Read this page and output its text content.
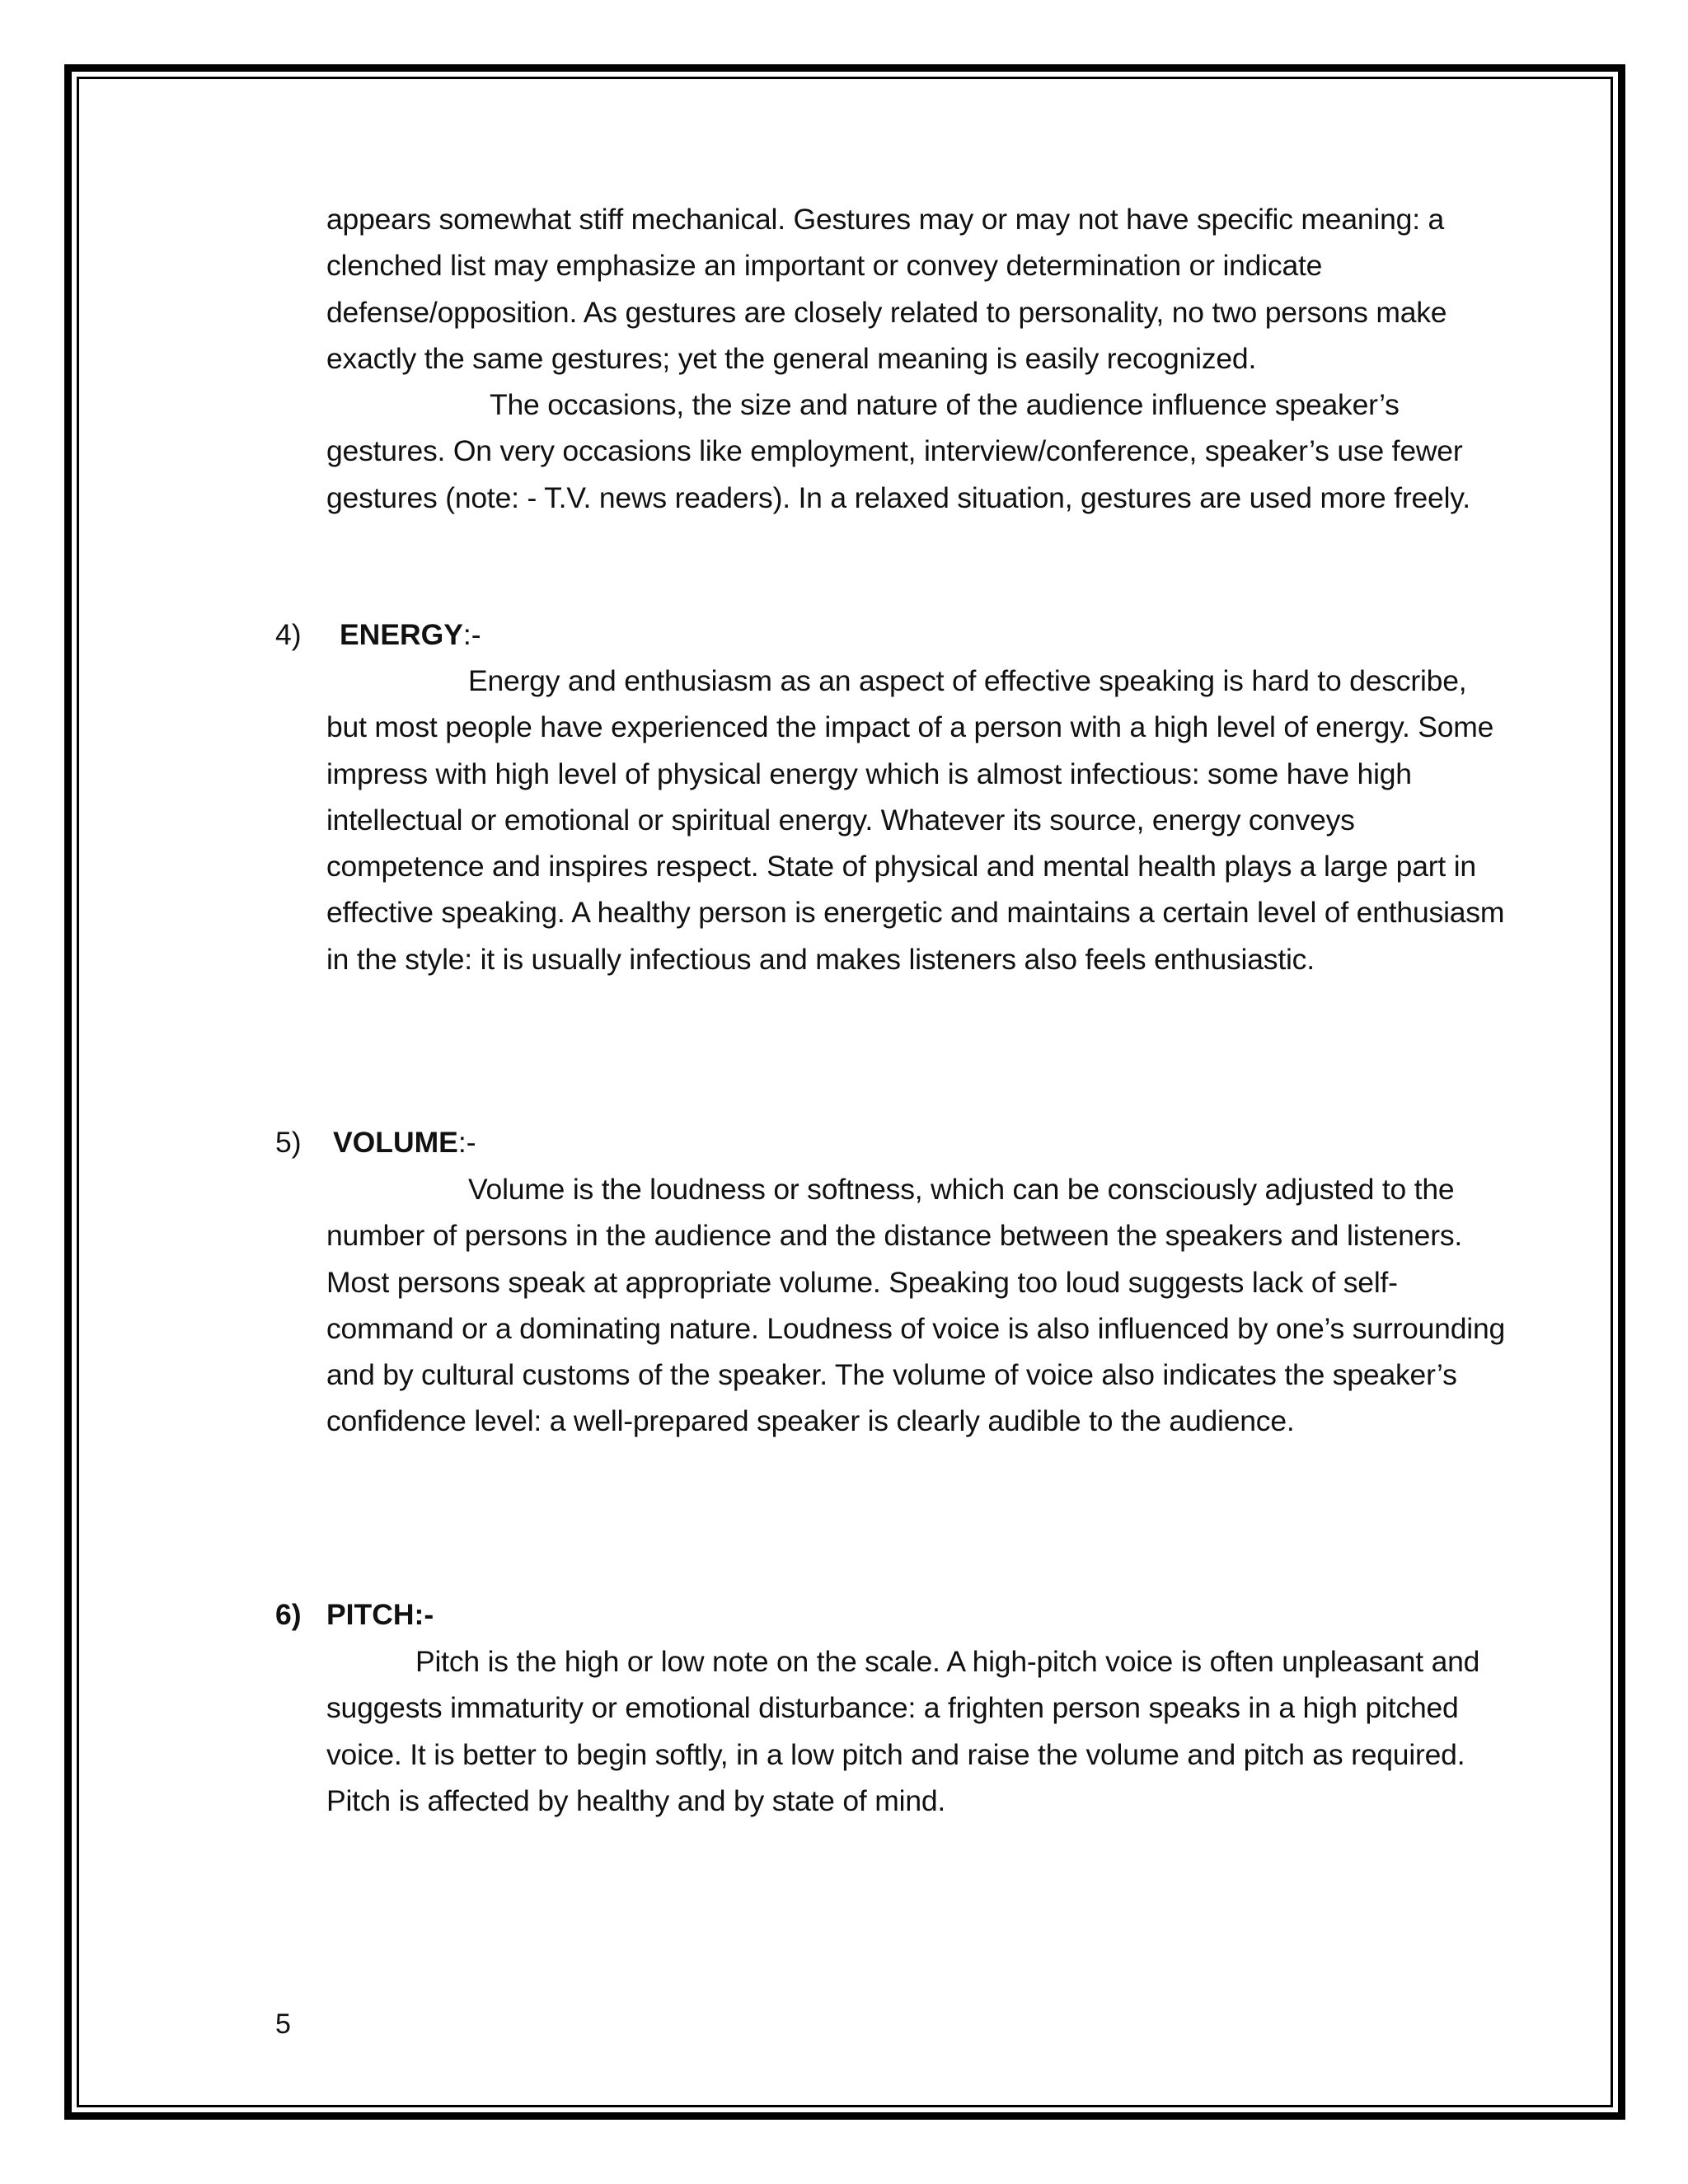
appears somewhat stiff mechanical. Gestures may or may not have specific meaning: a clenched list may emphasize an important or convey determination or indicate defense/opposition. As gestures are closely related to personality, no two persons make exactly the same gestures; yet the general meaning is easily recognized.

The occasions, the size and nature of the audience influence speaker’s gestures. On very occasions like employment, interview/conference, speaker’s use fewer gestures (note: - T.V. news readers). In a relaxed situation, gestures are used more freely.

4) ENERGY:-

Energy and enthusiasm as an aspect of effective speaking is hard to describe, but most people have experienced the impact of a person with a high level of energy. Some impress with high level of physical energy which is almost infectious: some have high intellectual or emotional or spiritual energy. Whatever its source, energy conveys competence and inspires respect. State of physical and mental health plays a large part in effective speaking. A healthy person is energetic and maintains a certain level of enthusiasm in the style: it is usually infectious and makes listeners also feels enthusiastic.

5) VOLUME:-

Volume is the loudness or softness, which can be consciously adjusted to the number of persons in the audience and the distance between the speakers and listeners. Most persons speak at appropriate volume. Speaking too loud suggests lack of self-command or a dominating nature. Loudness of voice is also influenced by one’s surrounding and by cultural customs of the speaker. The volume of voice also indicates the speaker’s confidence level: a well-prepared speaker is clearly audible to the audience.

6) PITCH:-

Pitch is the high or low note on the scale. A high-pitch voice is often unpleasant and suggests immaturity or emotional disturbance: a frighten person speaks in a high pitched voice. It is better to begin softly, in a low pitch and raise the volume and pitch as required. Pitch is affected by healthy and by state of mind.

5
